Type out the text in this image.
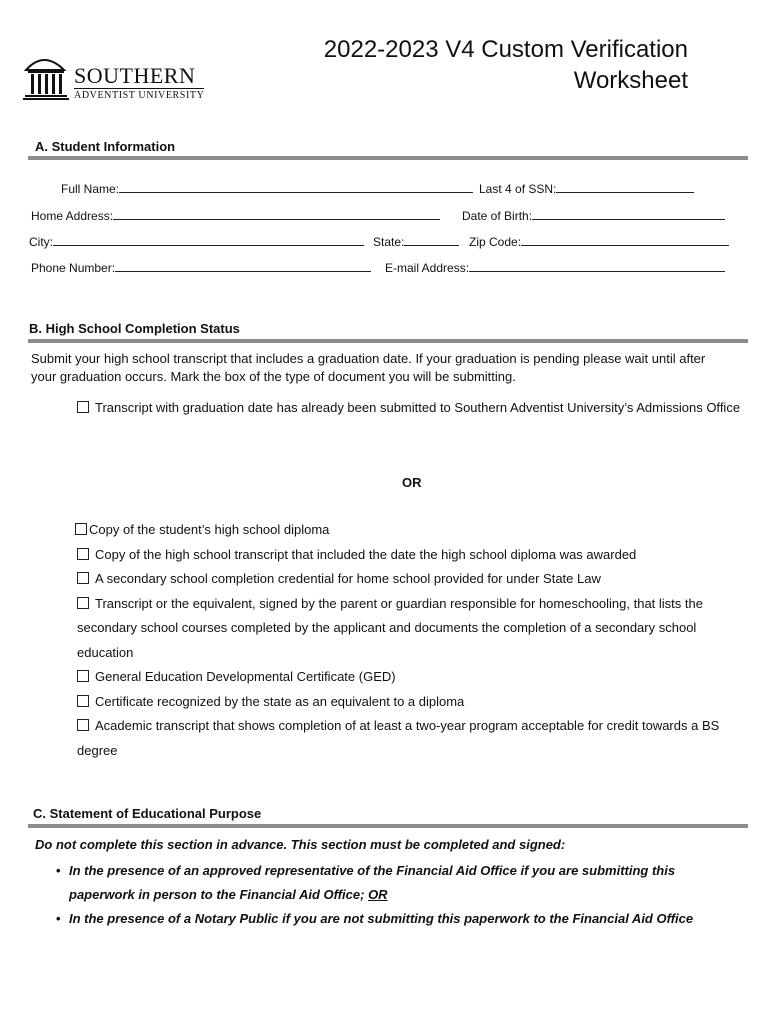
SOUTHERN
ADVENTIST UNIVERSITY
2022-2023 V4 Custom Verification
Worksheet
A. Student Information
Full Name:	Last 4 of SSN:
Home Address:	Date of Birth:
City:	State:	Zip Code:
Phone Number:	E-mail Address:
B. High School Completion Status
Submit your high school transcript that includes a graduation date. If your graduation is pending please wait until after your graduation occurs. Mark the box of the type of document you will be submitting.
Transcript with graduation date has already been submitted to Southern Adventist University’s Admissions Office
OR
Copy of the student’s high school diploma
Copy of the high school transcript that included the date the high school diploma was awarded
A secondary school completion credential for home school provided for under State Law
Transcript or the equivalent, signed by the parent or guardian responsible for homeschooling, that lists the secondary school courses completed by the applicant and documents the completion of a secondary school education
General Education Developmental Certificate (GED)
Certificate recognized by the state as an equivalent to a diploma
Academic transcript that shows completion of at least a two-year program acceptable for credit towards a BS degree
C. Statement of Educational Purpose
Do not complete this section in advance. This section must be completed and signed:
• In the presence of an approved representative of the Financial Aid Office if you are submitting this paperwork in person to the Financial Aid Office; OR
• In the presence of a Notary Public if you are not submitting this paperwork to the Financial Aid Office
